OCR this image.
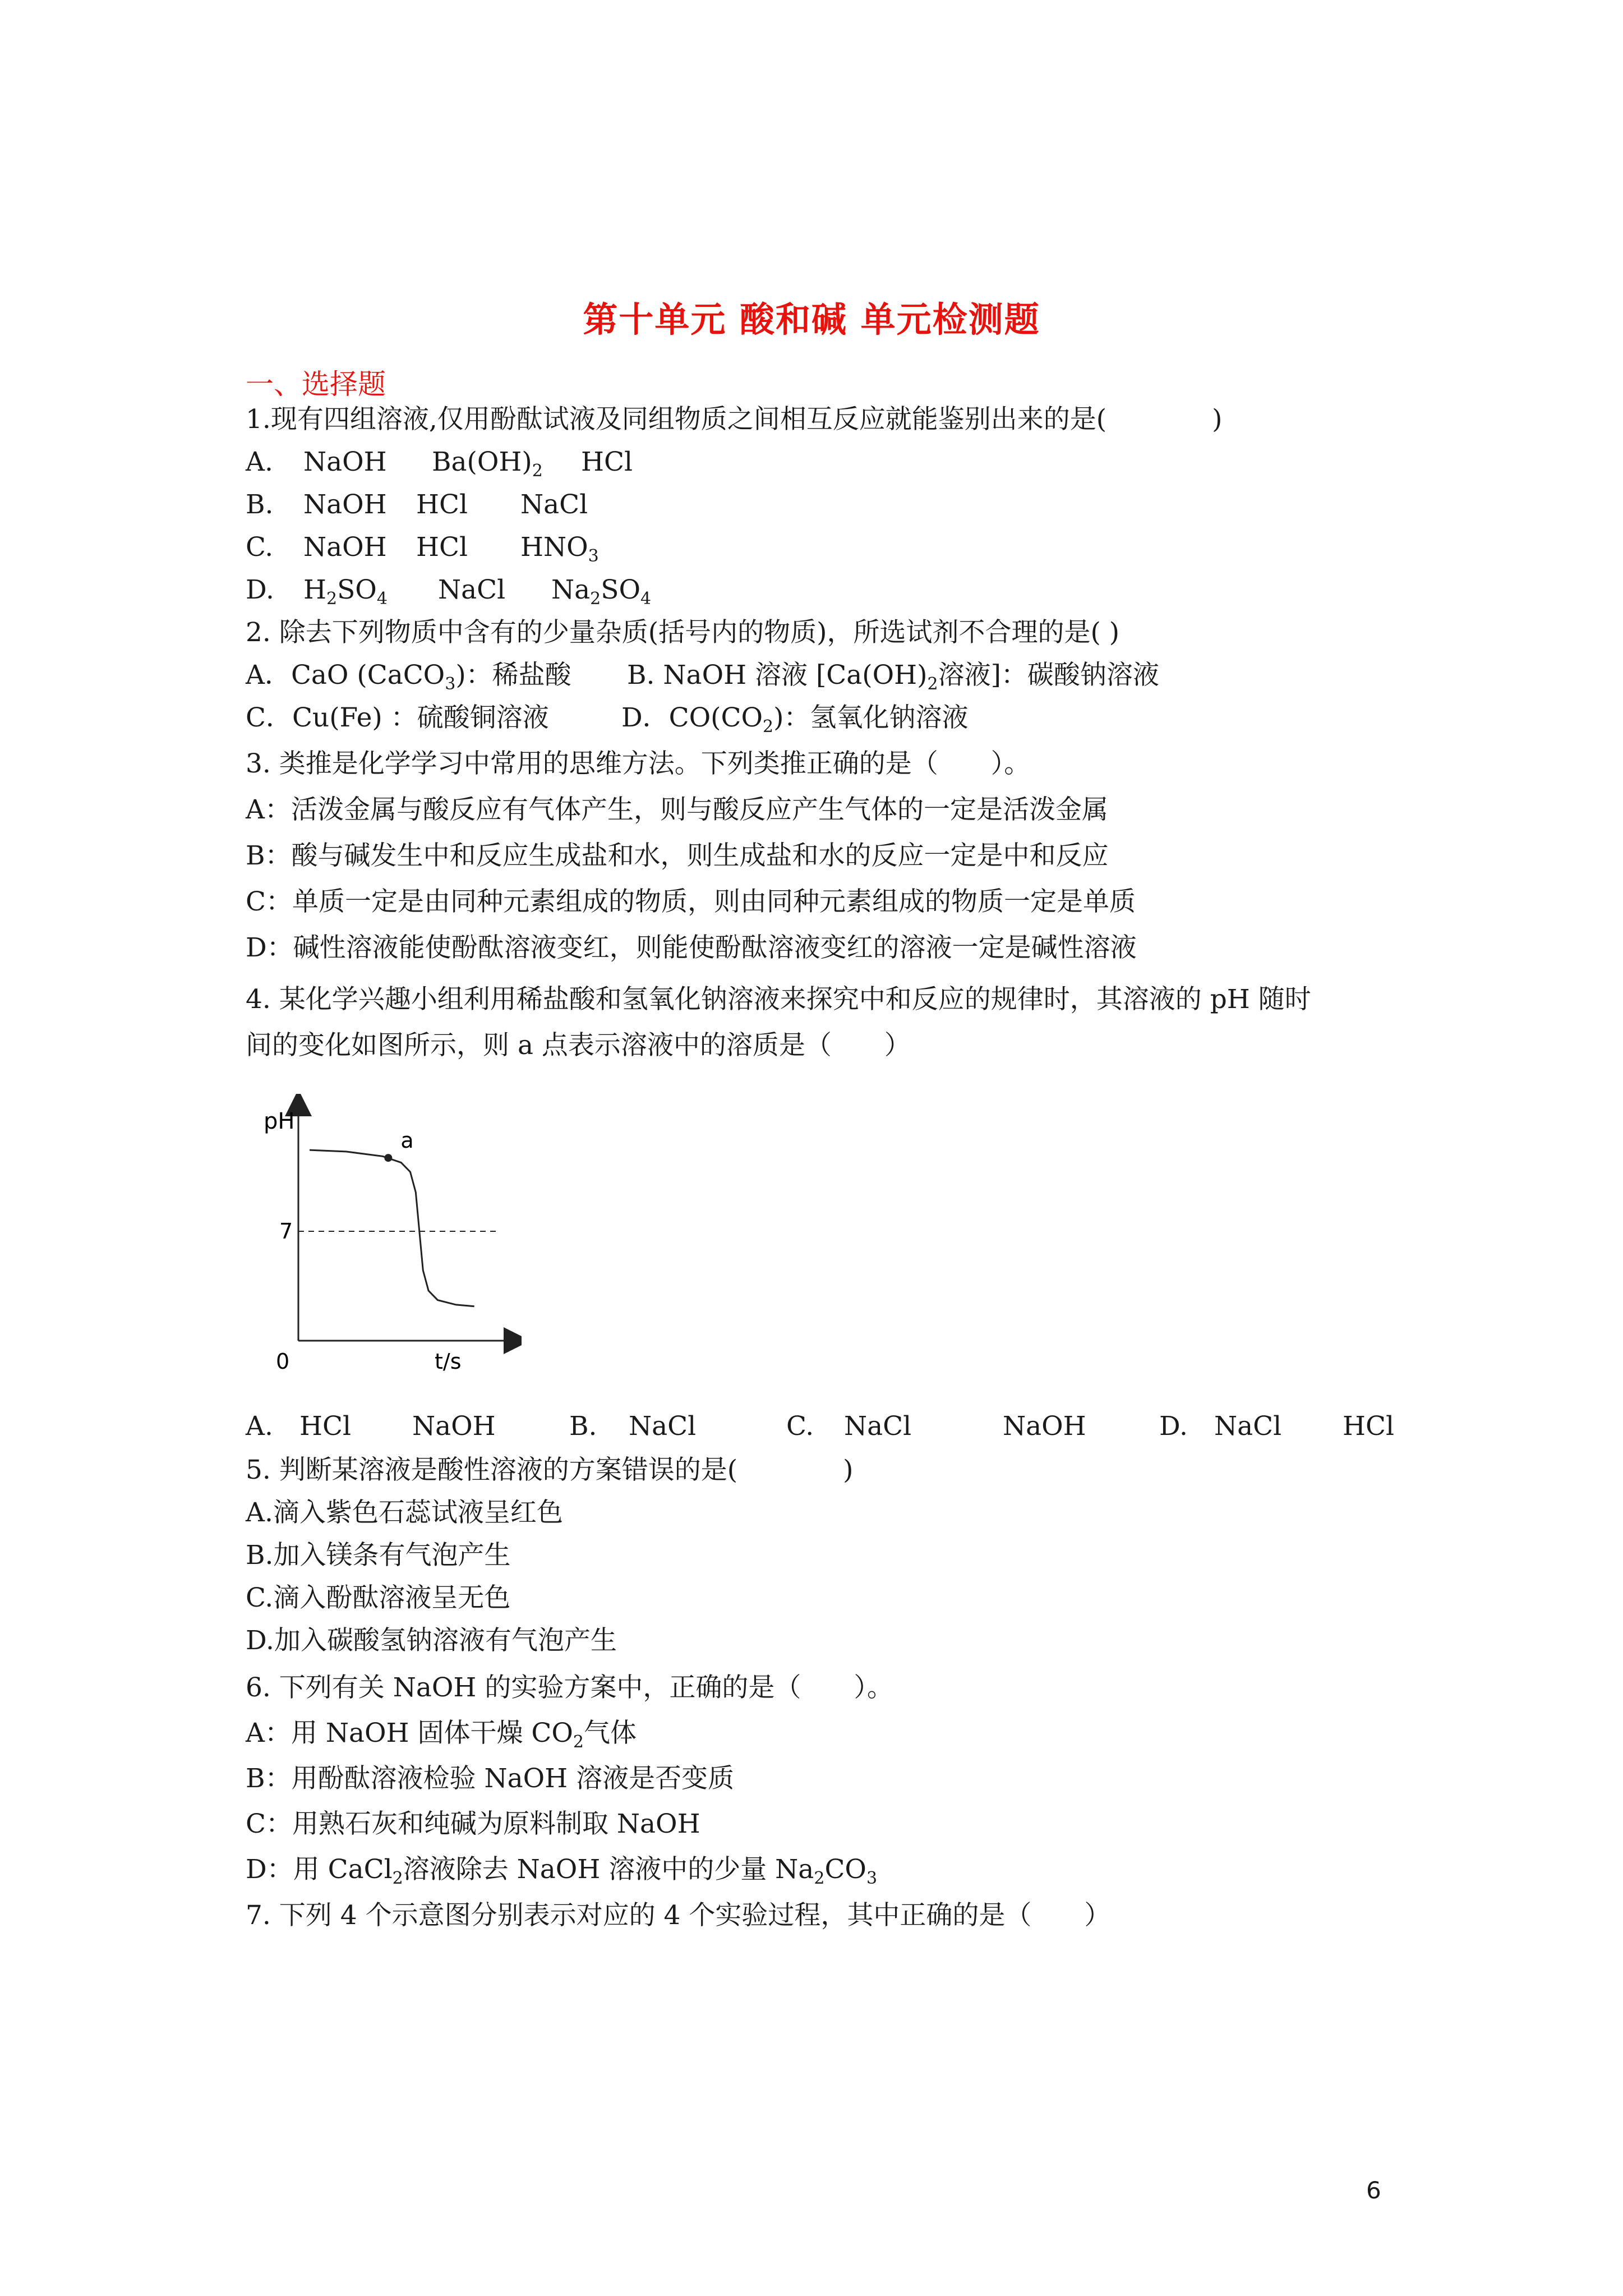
第十单元 酸和碱 单元检测题
一、选择题
1.现有四组溶液,仅用酚酞试液及同组物质之间相互反应就能鉴别出来的是(　　　　)
A. NaOH $Ba(OH)_2$ HCl
B. NaOH HCl NaCl
C. NaOH HCl $HNO_3$
D. $H_2SO_4$ NaCl $Na_2SO_4$
2. 除去下列物质中含有的少量杂质(括号内的物质)，所选试剂不合理的是( )
A．CaO (CaCO$_3$)：稀盐酸 B. NaOH 溶液 [$Ca(OH)_2$溶液]：碳酸钠溶液
C．Cu(Fe) ：硫酸铜溶液	D．$CO(CO_2)$：氢氧化钠溶液
3. 类推是化学学习中常用的思维方法。下列类推正确的是（　　）。
A：活泼金属与酸反应有气体产生，则与酸反应产生气体的一定是活泼金属
B：酸与碱发生中和反应生成盐和水，则生成盐和水的反应一定是中和反应
C：单质一定是由同种元素组成的物质，则由同种元素组成的物质一定是单质
D：碱性溶液能使酚酞溶液变红，则能使酚酞溶液变红的溶液一定是碱性溶液
4. 某化学兴趣小组利用稀盐酸和氢氧化钠溶液来探究中和反应的规律时，其溶液的 pH 随时
间的变化如图所示，则 a 点表示溶液中的溶质是（　　）
pH
a
7
0	t/s
A. HCl NaOH	B. NaCl	C. NaCl	NaOH	D. NaCl HCl
5. 判断某溶液是酸性溶液的方案错误的是(　　　　)
A.滴入紫色石蕊试液呈红色
B.加入镁条有气泡产生
C.滴入酚酞溶液呈无色
D.加入碳酸氢钠溶液有气泡产生
6. 下列有关 NaOH 的实验方案中，正确的是（　　）。
A：用 NaOH 固体干燥 $CO_2$气体
B：用酚酞溶液检验 NaOH 溶液是否变质
C：用熟石灰和纯碱为原料制取 NaOH
D：用 CaCl$_2$溶液除去 NaOH 溶液中的少量 $Na_2CO_3$
7. 下列 4 个示意图分别表示对应的 4 个实验过程，其中正确的是（　　）
6
